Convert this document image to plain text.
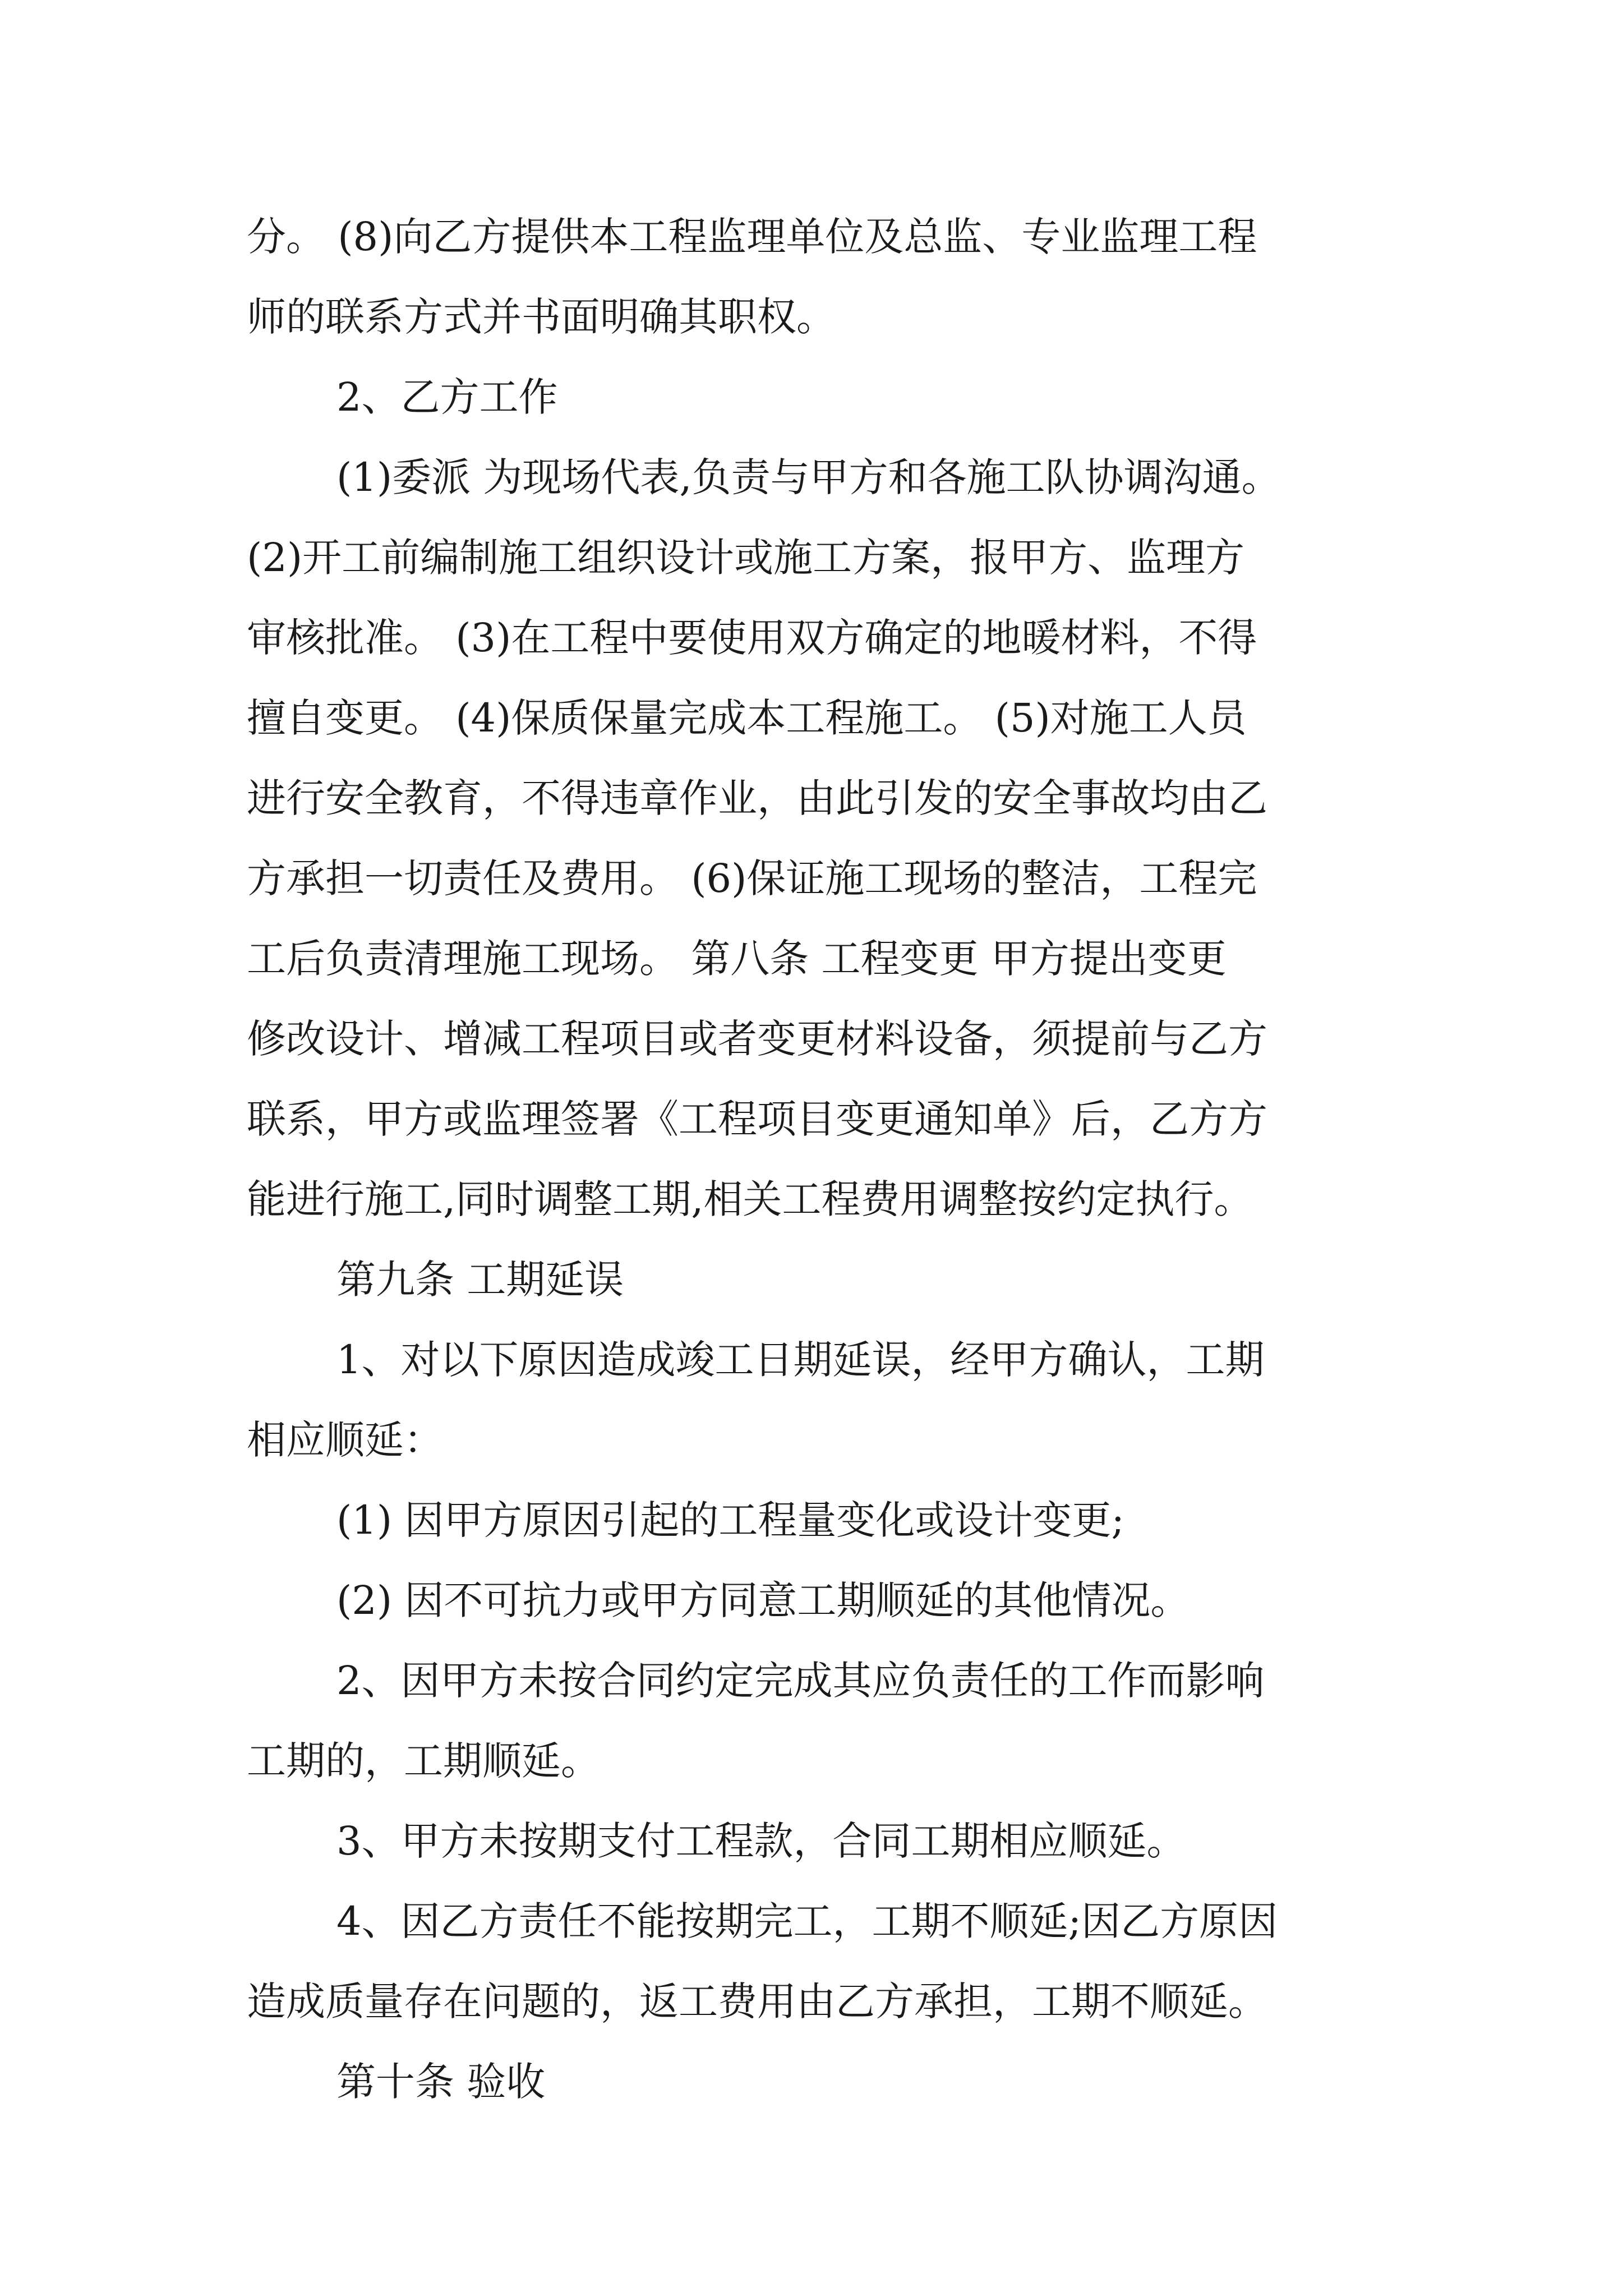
分。 (8)向乙方提供本工程监理单位及总监、专业监理工程
师的联系方式并书面明确其职权。
2、乙方工作
(1)委派 为现场代表,负责与甲方和各施工队协调沟通。
(2)开工前编制施工组织设计或施工方案，报甲方、监理方
审核批准。 (3)在工程中要使用双方确定的地暖材料，不得
擅自变更。 (4)保质保量完成本工程施工。 (5)对施工人员
进行安全教育，不得违章作业，由此引发的安全事故均由乙
方承担一切责任及费用。 (6)保证施工现场的整洁，工程完
工后负责清理施工现场。 第八条 工程变更 甲方提出变更
修改设计、增减工程项目或者变更材料设备，须提前与乙方
联系，甲方或监理签署《工程项目变更通知单》后，乙方方
能进行施工,同时调整工期,相关工程费用调整按约定执行。
第九条 工期延误
1、对以下原因造成竣工日期延误，经甲方确认，工期
相应顺延：
(1) 因甲方原因引起的工程量变化或设计变更;
(2) 因不可抗力或甲方同意工期顺延的其他情况。
2、因甲方未按合同约定完成其应负责任的工作而影响
工期的，工期顺延。
3、甲方未按期支付工程款，合同工期相应顺延。
4、因乙方责任不能按期完工，工期不顺延;因乙方原因
造成质量存在问题的，返工费用由乙方承担，工期不顺延。
第十条 验收
